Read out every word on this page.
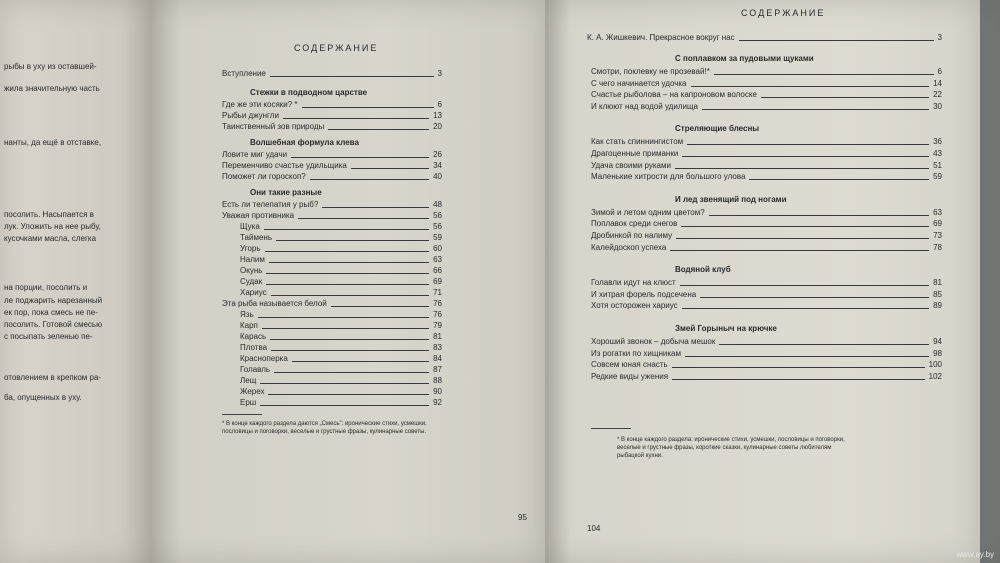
рыбы в уху из оставшей-
жила значительную часть
нанты, да ещё в отставке,
посолить. Насыпается в
лук. Уложить на нее рыбу,
кусочками масла, слегка
на порции, посолить и
ле поджарить нарезанный
ек пор, пока смесь не пе-
посолить. Готовой смесью
с посыпать зеленью пе-
отовлением в крепком ра-
ба, опущенных в уху.
СОДЕРЖАНИЕ
Вступление	3
Стежки в подводном царстве
Где же эти косяки? *	6
Рыбьи джунгли	13
Таинственный зов природы	20
Волшебная формула клева
Ловите миг удачи	26
Переменчиво счастье удильщика	34
Поможет ли гороскоп?	40
Они такие разные
Есть ли телепатия у рыб?	48
Уважая противника	56
Щука	56
Таймень	59
Угорь	60
Налим	63
Окунь	66
Судак	69
Хариус	71
Эта рыба называется белой	76
Язь	76
Карп	79
Карась	81
Плотва	83
Красноперка	84
Голавль	87
Лещ	88
Жерех	90
Ерш	92
* В конце каждого раздела даются „Смесь": иронические стихи, усмешки, пословицы и поговорки, веселые и грустные фразы, кулинарные советы.
95
СОДЕРЖАНИЕ
К. А. Жишкевич. Прекрасное вокруг нас	3
С поплавком за пудовыми щуками
Смотри, поклевку не прозевай!*	6
С чего начинается удочка	14
Счастье рыболова – на капроновом волоске	22
И клюют над водой удилища	30
Стреляющие блесны
Как стать спиннингистом	36
Драгоценные приманки	43
Удача своими руками	51
Маленькие хитрости для большого улова	59
И лед звенящий под ногами
Зимой и летом одним цветом?	63
Поплавок среди снегов	69
Дробинкой по налиму	73
Калейдоскоп успеха	78
Водяной клуб
Голавли идут на клюст	81
И хитрая форель подсечена	85
Хотя осторожен хариус	89
Змей Горыныч на крючке
Хороший звонок – добыча мешок	94
Из рогатки по хищникам	98
Совсем юная снасть	100
Редкие виды ужения	102
* В конце каждого раздела: иронические стихи, усмешки, пословицы и поговорки, веселые и грустные фразы, короткие сказки, кулинарные советы любителям рыбацкой кухни.
104
www.ay.by
